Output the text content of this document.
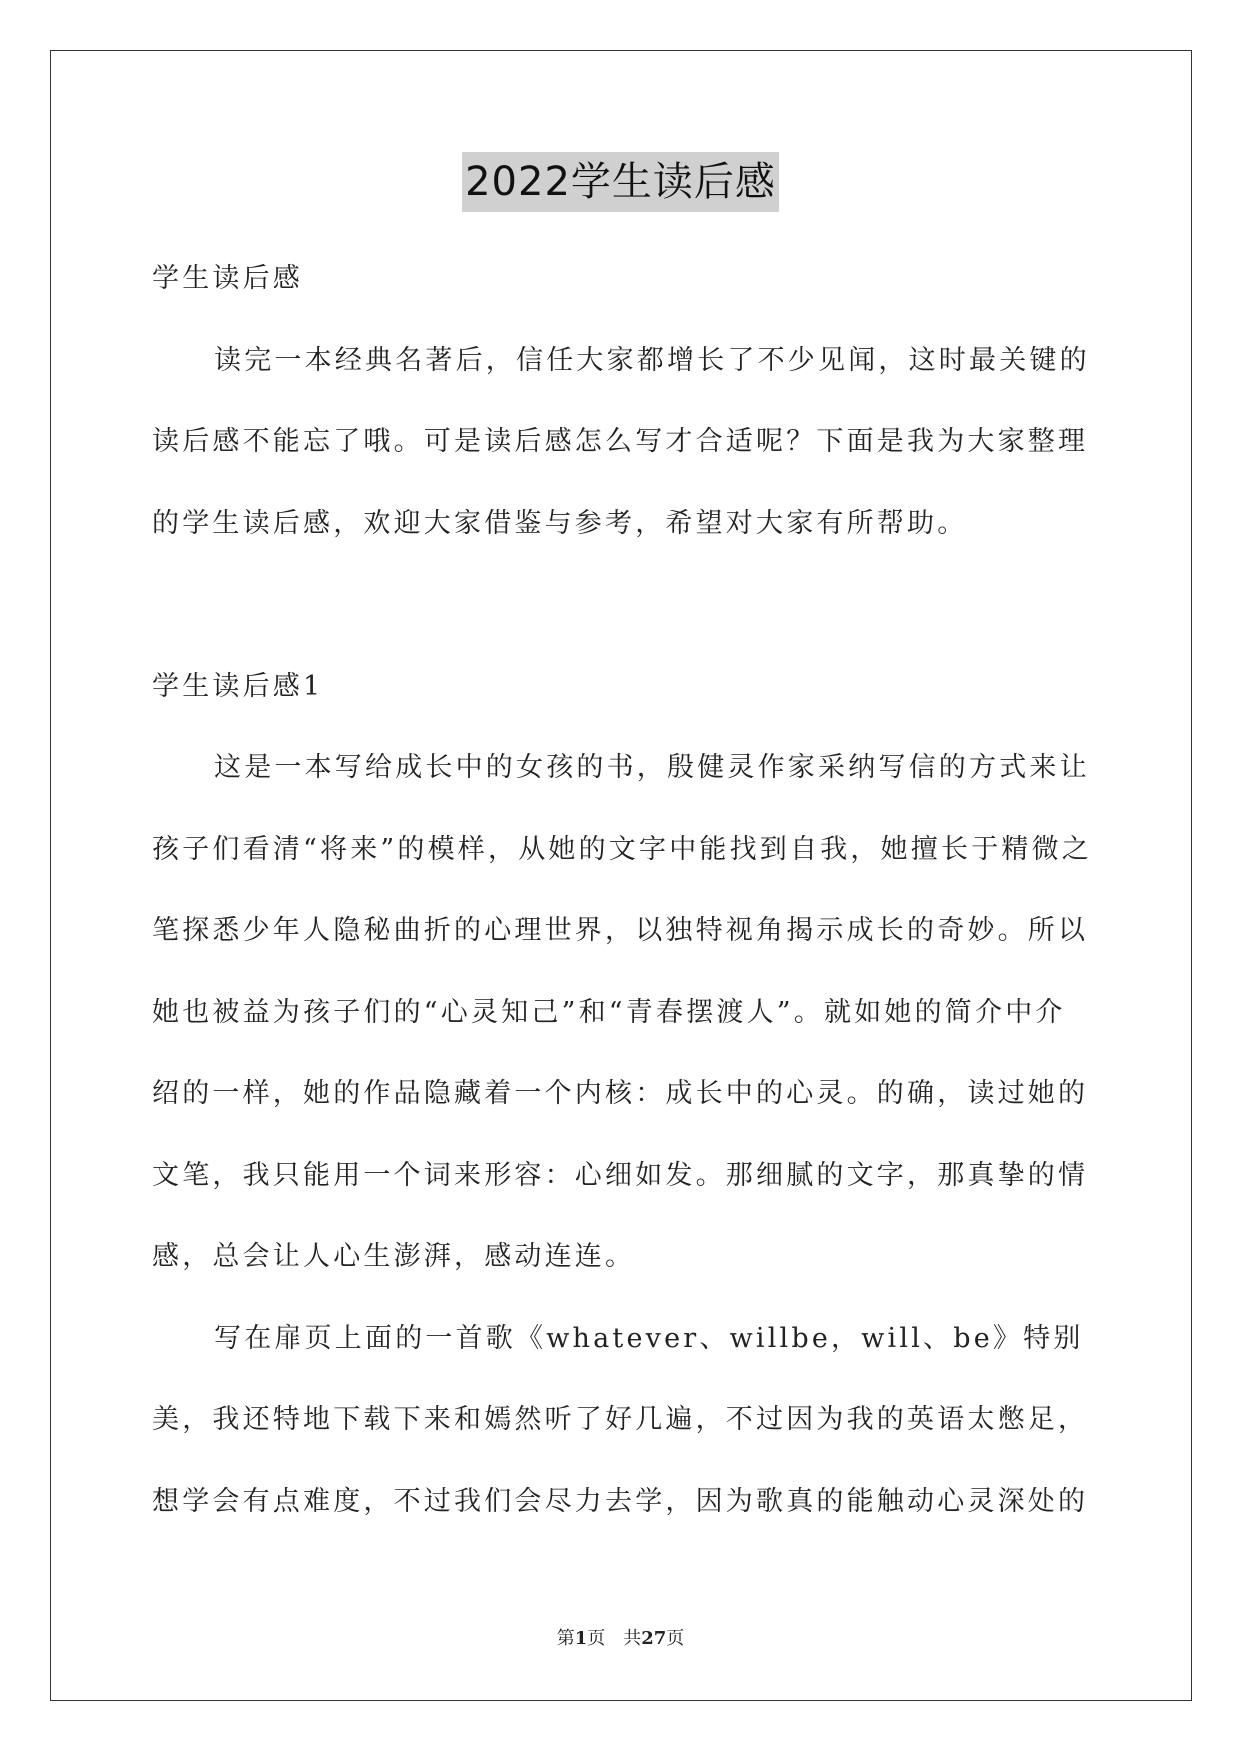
2022学生读后感

学生读后感

读完一本经典名著后，信任大家都增长了不少见闻，这时最关键的读后感不能忘了哦。可是读后感怎么写才合适呢？下面是我为大家整理的学生读后感，欢迎大家借鉴与参考，希望对大家有所帮助。

学生读后感1

这是一本写给成长中的女孩的书，殷健灵作家采纳写信的方式来让孩子们看清“将来”的模样，从她的文字中能找到自我，她擅长于精微之笔探悉少年人隐秘曲折的心理世界，以独特视角揭示成长的奇妙。所以她也被益为孩子们的“心灵知己”和“青春摆渡人”。就如她的简介中介绍的一样，她的作品隐藏着一个内核：成长中的心灵。的确，读过她的文笔，我只能用一个词来形容：心细如发。那细腻的文字，那真挚的情感，总会让人心生澎湃，感动连连。

写在扉页上面的一首歌《whatever、willbe，will、be》特别美，我还特地下载下来和嫣然听了好几遍，不过因为我的英语太憋足，想学会有点难度，不过我们会尽力去学，因为歌真的能触动心灵深处的

第1页　共27页
